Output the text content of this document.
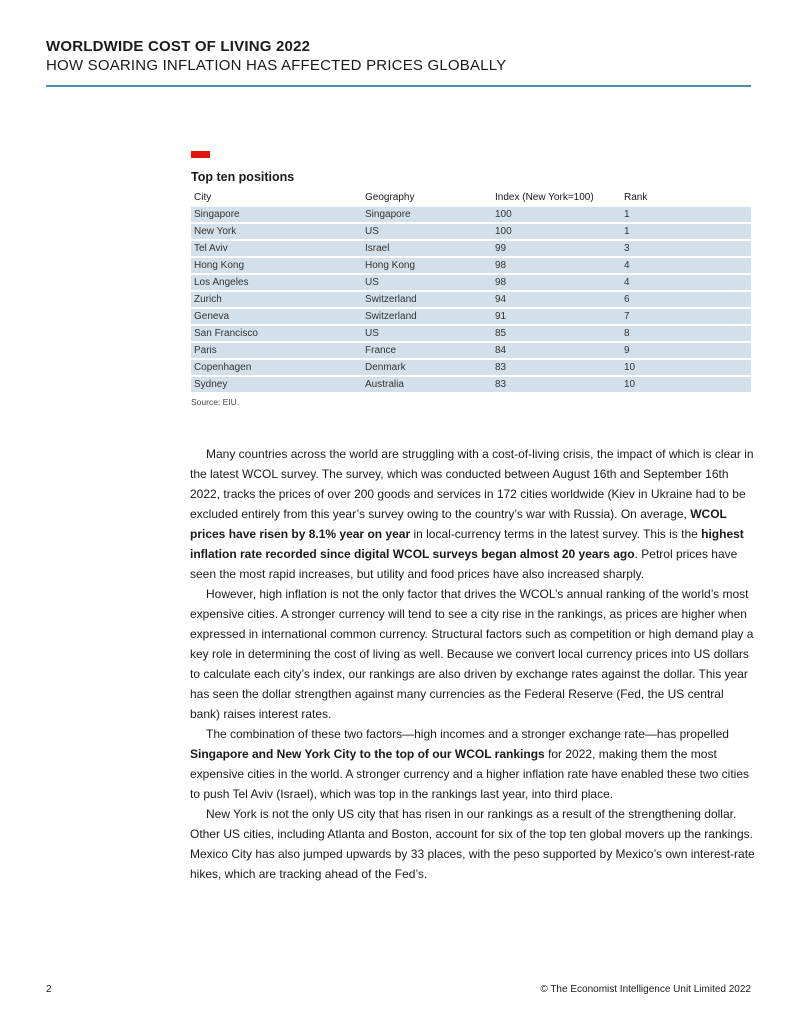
WORLDWIDE COST OF LIVING 2022
HOW SOARING INFLATION HAS AFFECTED PRICES GLOBALLY
Top ten positions
City	Geography	Index (New York=100)	Rank
Singapore	Singapore	100	1
New York	US	100	1
Tel Aviv	Israel	99	3
Hong Kong	Hong Kong	98	4
Los Angeles	US	98	4
Zurich	Switzerland	94	6
Geneva	Switzerland	91	7
San Francisco	US	85	8
Paris	France	84	9
Copenhagen	Denmark	83	10
Sydney	Australia	83	10
Source: EIU.

Many countries across the world are struggling with a cost-of-living crisis, the impact of which is clear in the latest WCOL survey. The survey, which was conducted between August 16th and September 16th 2022, tracks the prices of over 200 goods and services in 172 cities worldwide (Kiev in Ukraine had to be excluded entirely from this year’s survey owing to the country’s war with Russia). On average, WCOL prices have risen by 8.1% year on year in local-currency terms in the latest survey. This is the highest inflation rate recorded since digital WCOL surveys began almost 20 years ago. Petrol prices have seen the most rapid increases, but utility and food prices have also increased sharply.

However, high inflation is not the only factor that drives the WCOL’s annual ranking of the world’s most expensive cities. A stronger currency will tend to see a city rise in the rankings, as prices are higher when expressed in international common currency. Structural factors such as competition or high demand play a key role in determining the cost of living as well. Because we convert local currency prices into US dollars to calculate each city’s index, our rankings are also driven by exchange rates against the dollar. This year has seen the dollar strengthen against many currencies as the Federal Reserve (Fed, the US central bank) raises interest rates.

The combination of these two factors—high incomes and a stronger exchange rate—has propelled Singapore and New York City to the top of our WCOL rankings for 2022, making them the most expensive cities in the world. A stronger currency and a higher inflation rate have enabled these two cities to push Tel Aviv (Israel), which was top in the rankings last year, into third place.

New York is not the only US city that has risen in our rankings as a result of the strengthening dollar. Other US cities, including Atlanta and Boston, account for six of the top ten global movers up the rankings. Mexico City has also jumped upwards by 33 places, with the peso supported by Mexico’s own interest-rate hikes, which are tracking ahead of the Fed’s.

2	© The Economist Intelligence Unit Limited 2022
